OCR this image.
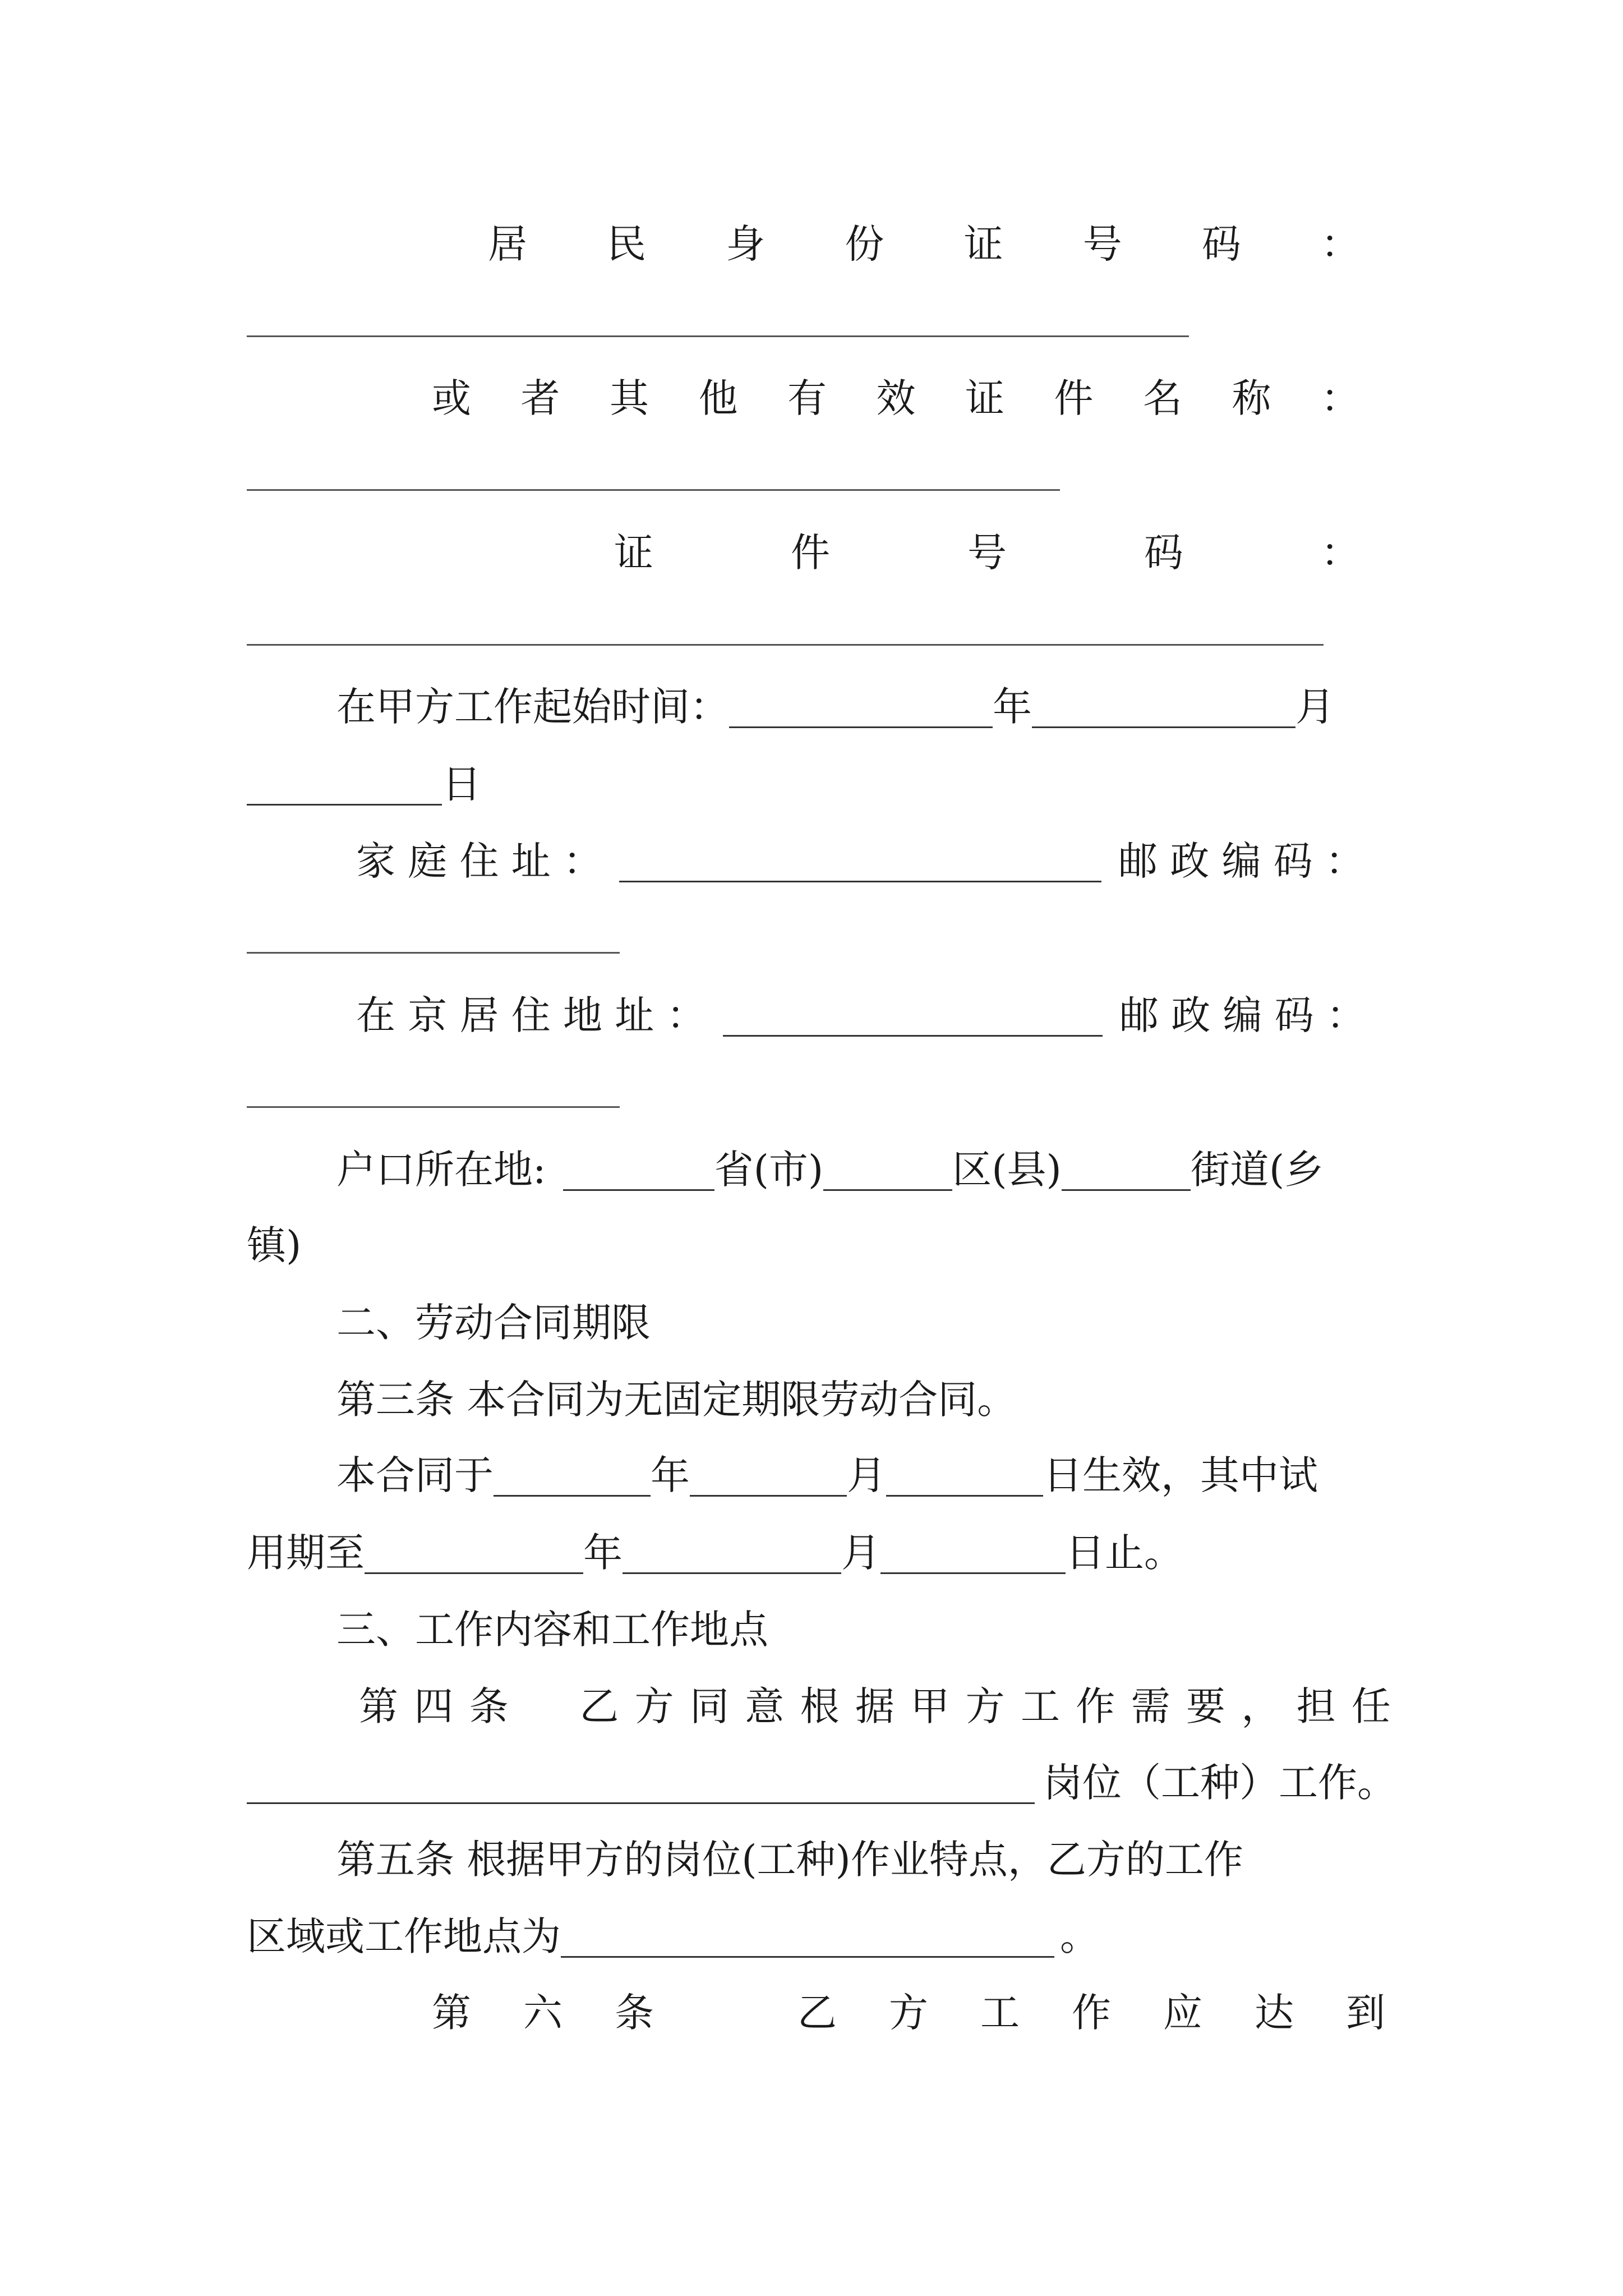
居 民 身 份 证 号 码 ：
或 者 其 他 有 效 证 件 名 称 ：
证	件	号	码	：
在甲方工作起始时间：	年	月
日
家 庭 住 址 ：	邮 政 编 码 ：
在 京 居 住 地 址 ：	邮 政 编 码 ：
户口所在地:	省(市)	区(县)	街道(乡
镇)
二、劳动合同期限
第三条 本合同为无固定期限劳动合同。
本合同于	年	月	日生效，其中试
用期至	年	月	日止。
三、工作内容和工作地点
第 四 条 乙 方 同 意 根 据 甲 方 工 作 需 要 ， 担 任
岗位（工种）工作。
第五条 根据甲方的岗位(工种)作业特点，乙方的工作
区域或工作地点为	。
第 六 条	乙 方 工 作 应 达 到
